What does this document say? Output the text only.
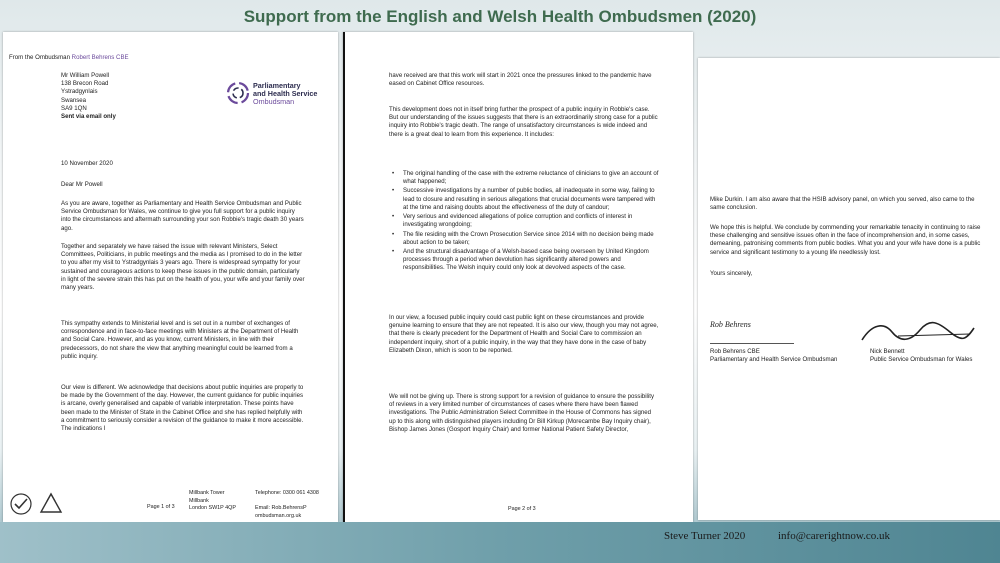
Support from the English and Welsh Health Ombudsmen (2020)
From the Ombudsman Robert Behrens CBE
Mr William Powell
138 Brecon Road
Ystradgynlais
Swansea
SA9 1QN
Sent via email only
Parliamentary
and Health Service
Ombudsman
10 November 2020
Dear Mr Powell
As you are aware, together as Parliamentary and Health Service Ombudsman and Public Service Ombudsman for Wales, we continue to give you full support for a public inquiry into the circumstances and aftermath surrounding your son Robbie's tragic death 30 years ago.
Together and separately we have raised the issue with relevant Ministers, Select Committees, Politicians, in public meetings and the media as I promised to do in the letter to you after my visit to Ystradgynlais 3 years ago. There is widespread sympathy for your sustained and courageous actions to keep these issues in the public domain, particularly in light of the severe strain this has put on the health of you, your wife and your family over many years.
This sympathy extends to Ministerial level and is set out in a number of exchanges of correspondence and in face-to-face meetings with Ministers at the Department of Health and Social Care. However, and as you know, current Ministers, in line with their predecessors, do not share the view that anything meaningful could be learned from a public inquiry.
Our view is different. We acknowledge that decisions about public inquiries are properly to be made by the Government of the day. However, the current guidance for public inquiries is arcane, overly generalised and capable of variable interpretation. These points have been made to the Minister of State in the Cabinet Office and she has replied helpfully with a commitment to seriously consider a revision of the guidance to make it more accessible. The indications I
Page 1 of 3
Millbank Tower
Millbank
London SW1P 4QP
Telephone: 0300 061 4308

Email: Rob.BehrensP
ombudsman.org.uk

have received are that this work will start in 2021 once the pressures linked to the pandemic have eased on Cabinet Office resources.
This development does not in itself bring further the prospect of a public inquiry in Robbie's case. But our understanding of the issues suggests that there is an extraordinarily strong case for a public inquiry into Robbie's tragic death. The range of unsatisfactory circumstances is wide indeed and there is a great deal to learn from this experience. It includes:
• The original handling of the case with the extreme reluctance of clinicians to give an account of what happened;
• Successive investigations by a number of public bodies, all inadequate in some way, failing to lead to closure and resulting in serious allegations that crucial documents were tampered with at the time and raising doubts about the effectiveness of the duty of candour;
• Very serious and evidenced allegations of police corruption and conflicts of interest in investigating wrongdoing;
• The file residing with the Crown Prosecution Service since 2014 with no decision being made about action to be taken;
• And the structural disadvantage of a Welsh-based case being overseen by United Kingdom processes through a period when devolution has significantly altered powers and responsibilities. The Welsh inquiry could only look at devolved aspects of the case.
In our view, a focused public inquiry could cast public light on these circumstances and provide genuine learning to ensure that they are not repeated. It is also our view, though you may not agree, that there is clearly precedent for the Department of Health and Social Care to commission an independent inquiry, short of a public inquiry, in the way that they have done in the case of baby Elizabeth Dixon, which is soon to be reported.
We will not be giving up. There is strong support for a revision of guidance to ensure the possibility of reviews in a very limited number of circumstances of cases where there have been flawed investigations. The Public Administration Select Committee in the House of Commons has signed up to this along with distinguished players including Dr Bill Kirkup (Morecambe Bay Inquiry chair), Bishop James Jones (Gosport Inquiry Chair) and former National Patient Safety Director,
Page 2 of 3
Mike Durkin. I am also aware that the HSIB advisory panel, on which you served, also came to the same conclusion.
We hope this is helpful. We conclude by commending your remarkable tenacity in continuing to raise these challenging and sensitive issues often in the face of incomprehension and, in some cases, demeaning, patronising comments from public bodies. What you and your wife have done is a public service and significant testimony to a young life needlessly lost.
Yours sincerely,
Rob Behrens
Rob Behrens CBE
Parliamentary and Health Service Ombudsman
Nick Bennett
Public Service Ombudsman for Wales
Steve Turner 2020	info@carerightnow.co.uk
